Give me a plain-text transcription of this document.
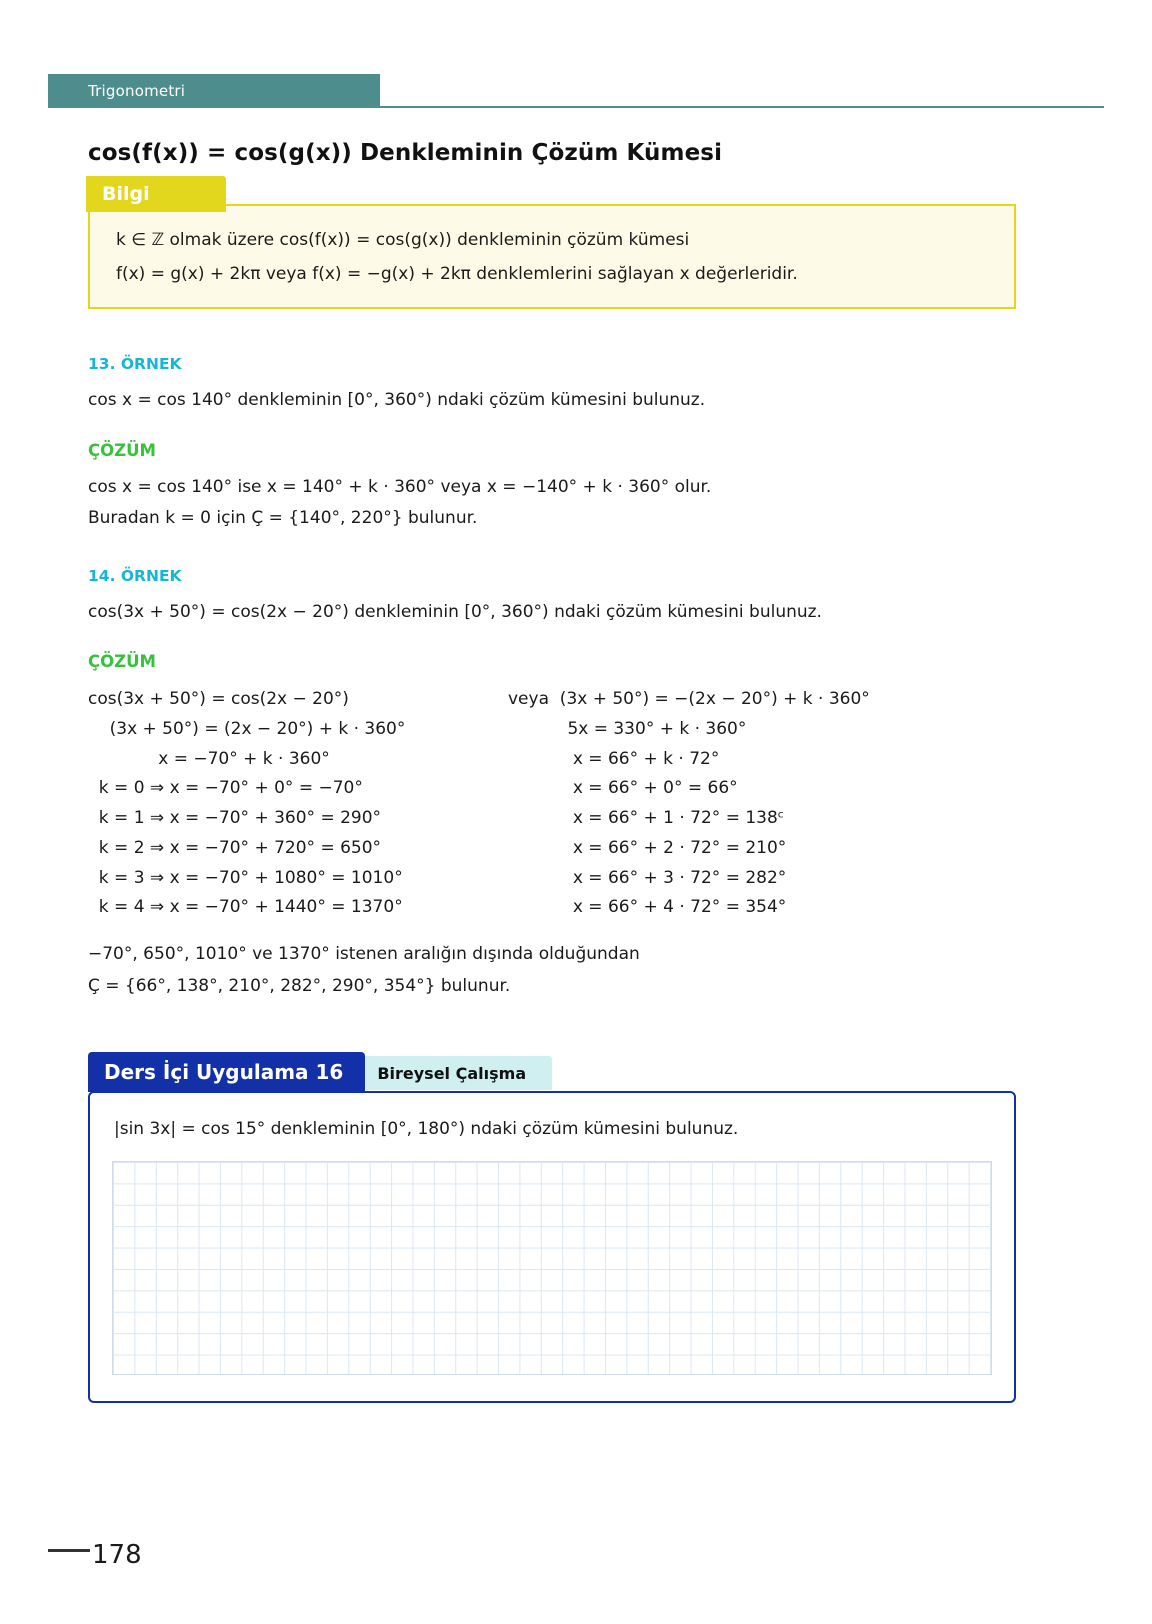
Trigonometri
cos(f(x)) = cos(g(x)) Denkleminin Çözüm Kümesi
Bilgi

k ∈ ℤ olmak üzere cos(f(x)) = cos(g(x)) denkleminin çözüm kümesi

f(x) = g(x) + 2kπ veya f(x) = −g(x) + 2kπ denklemlerini sağlayan x değerleridir.

13. ÖRNEK

cos x = cos 140° denkleminin [0°, 360°) ndaki çözüm kümesini bulunuz.

ÇÖZÜM

cos x = cos 140° ise x = 140° + k · 360° veya x = −140° + k · 360° olur.

Buradan k = 0 için Ç = {140°, 220°} bulunur.

14. ÖRNEK

cos(3x + 50°) = cos(2x − 20°) denkleminin [0°, 360°) ndaki çözüm kümesini bulunuz.

ÇÖZÜM
cos(3x + 50°) = cos(2x − 20°)	veya  (3x + 50°) = −(2x − 20°) + k · 360°
(3x + 50°) = (2x − 20°) + k · 360°	5x = 330° + k · 360°
x = −70° + k · 360°	x = 66° + k · 72°
k = 0 ⇒ x = −70° + 0° = −70°	x = 66° + 0° = 66°
k = 1 ⇒ x = −70° + 360° = 290°	x = 66° + 1 · 72° = 138ᶜ
k = 2 ⇒ x = −70° + 720° = 650°	x = 66° + 2 · 72° = 210°
k = 3 ⇒ x = −70° + 1080° = 1010°	x = 66° + 3 · 72° = 282°
k = 4 ⇒ x = −70° + 1440° = 1370°	x = 66° + 4 · 72° = 354°

−70°, 650°, 1010° ve 1370° istenen aralığın dışında olduğundan

Ç = {66°, 138°, 210°, 282°, 290°, 354°} bulunur.

Ders İçi Uygulama 16	Bireysel Çalışma

|sin 3x| = cos 15° denkleminin [0°, 180°) ndaki çözüm kümesini bulunuz.

178
